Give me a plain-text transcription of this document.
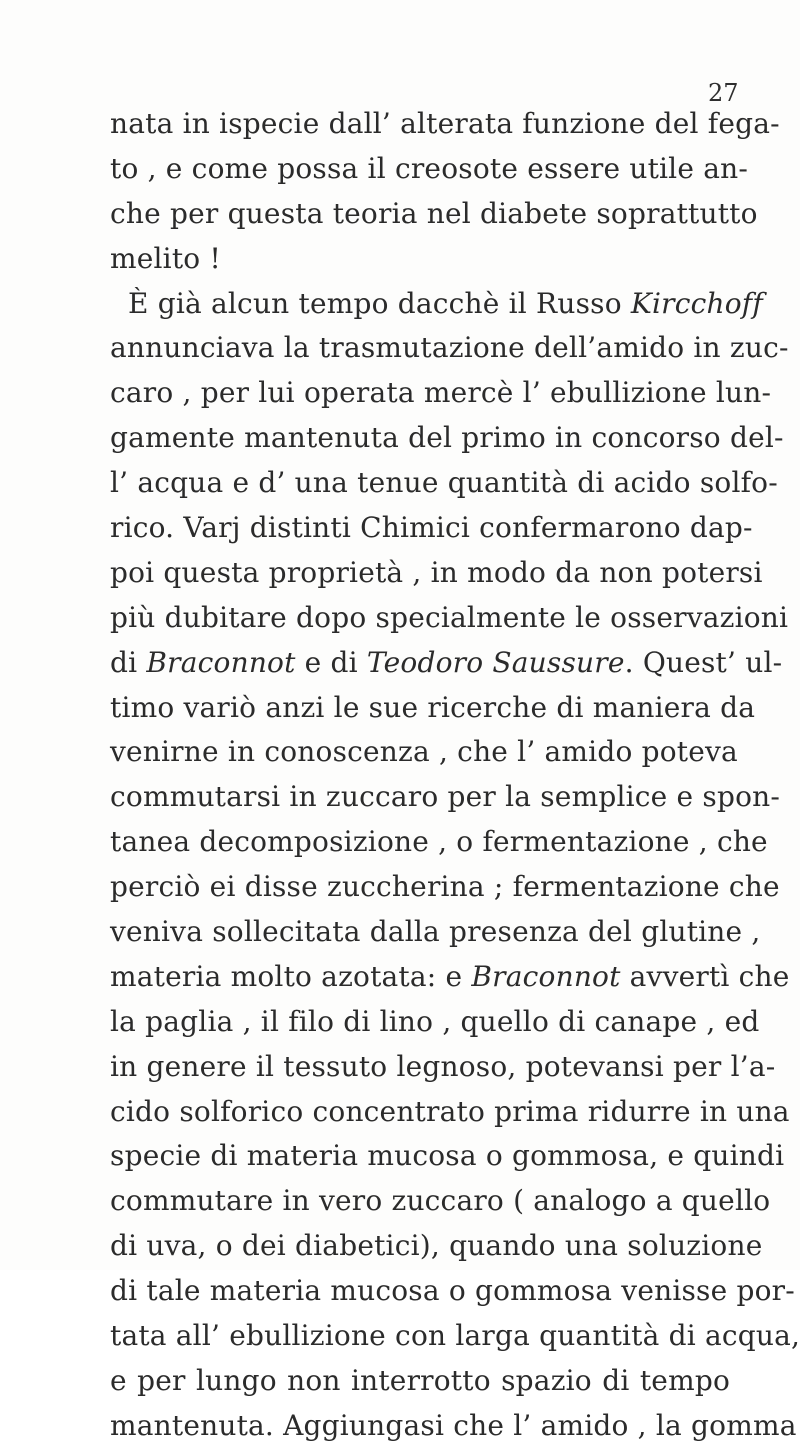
27
nata in ispecie dall’ alterata funzione del fega-
to , e come possa il creosote essere utile an-
che per questa teoria nel diabete soprattutto
melito !
È già alcun tempo dacchè il Russo Kircchoff
annunciava la trasmutazione dell’amido in zuc-
caro , per lui operata mercè l’ ebullizione lun-
gamente mantenuta del primo in concorso del-
l’ acqua e d’ una tenue quantità di acido solfo-
rico. Varj distinti Chimici confermarono dap-
poi questa proprietà , in modo da non potersi
più dubitare dopo specialmente le osservazioni
di Braconnot e di Teodoro Saussure. Quest’ ul-
timo variò anzi le sue ricerche di maniera da
venirne in conoscenza , che l’ amido poteva
commutarsi in zuccaro per la semplice e spon-
tanea decomposizione , o fermentazione , che
perciò ei disse zuccherina ; fermentazione che
veniva sollecitata dalla presenza del glutine ,
materia molto azotata: e Braconnot avvertì che
la paglia , il filo di lino , quello di canape , ed
in genere il tessuto legnoso, potevansi per l’a-
cido solforico concentrato prima ridurre in una
specie di materia mucosa o gommosa, e quindi
commutare in vero zuccaro ( analogo a quello
di uva, o dei diabetici), quando una soluzione
di tale materia mucosa o gommosa venisse por-
tata all’ ebullizione con larga quantità di acqua,
e per lungo non interrotto spazio di tempo
mantenuta. Aggiungasi che l’ amido , la gomma
